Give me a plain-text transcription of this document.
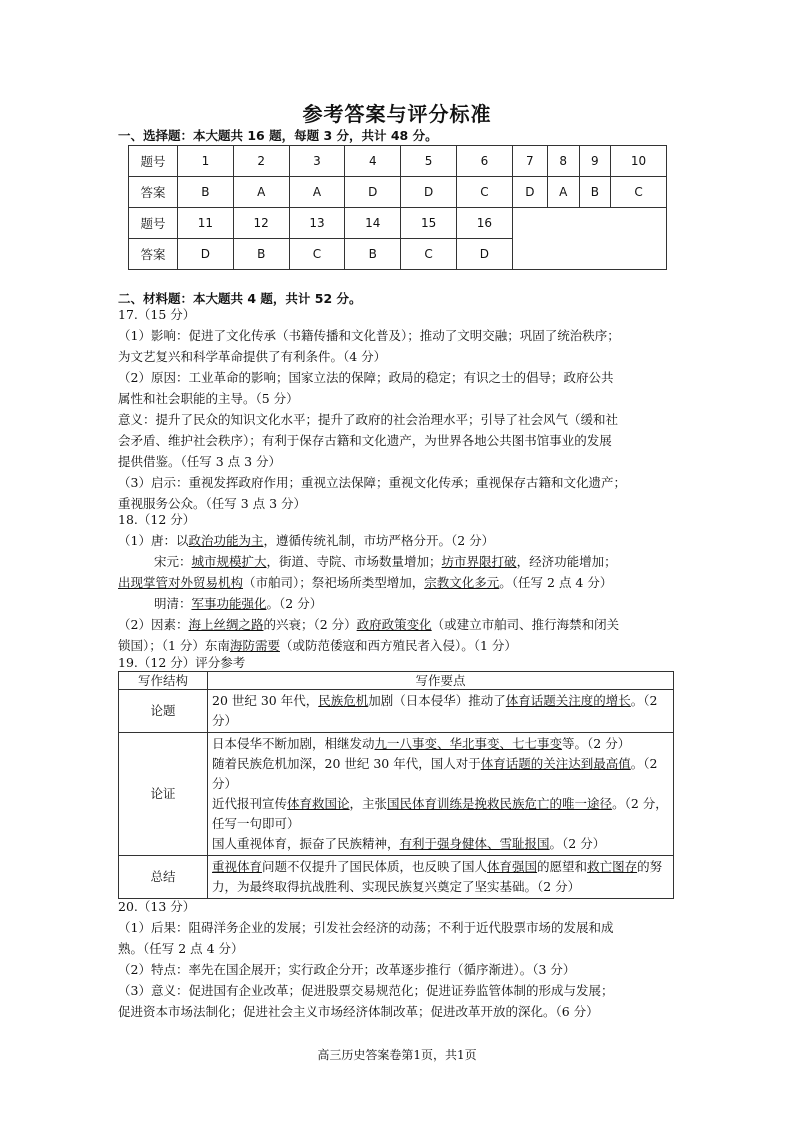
参考答案与评分标准
一、选择题：本大题共 16 题，每题 3 分，共计 48 分。
题号	1	2	3	4	5	6	7	8	9	10
答案	B	A	A	D	D	C	D	A	B	C
题号	11	12	13	14	15	16				
答案	D	B	C	B	C	D				
二、材料题：本大题共 4 题，共计 52 分。

17.（15 分）

（1）影响：促进了文化传承（书籍传播和文化普及）；推动了文明交融；巩固了统治秩序；

为文艺复兴和科学革命提供了有利条件。（4 分）

（2）原因：工业革命的影响；国家立法的保障；政局的稳定；有识之士的倡导；政府公共

属性和社会职能的主导。（5 分）

意义：提升了民众的知识文化水平；提升了政府的社会治理水平；引导了社会风气（缓和社

会矛盾、维护社会秩序）；有利于保存古籍和文化遗产，为世界各地公共图书馆事业的发展

提供借鉴。（任写 3 点 3 分）

（3）启示：重视发挥政府作用；重视立法保障；重视文化传承；重视保存古籍和文化遗产；

重视服务公众。（任写 3 点 3 分）

18.（12 分）

（1）唐：以政治功能为主，遵循传统礼制，市坊严格分开。（2 分）

宋元：城市规模扩大，街道、寺院、市场数量增加；坊市界限打破，经济功能增加；

出现掌管对外贸易机构（市舶司）；祭祀场所类型增加，宗教文化多元。（任写 2 点 4 分）

明清：军事功能强化。（2 分）

（2）因素：海上丝绸之路的兴衰；（2 分）政府政策变化（或建立市舶司、推行海禁和闭关

锁国）；（1 分）东南海防需要（或防范倭寇和西方殖民者入侵）。（1 分）

19.（12 分）评分参考
写作结构	写作要点
论题	20 世纪 30 年代，民族危机加剧（日本侵华）推动了体育话题关注度的增长。（2 分）
论证	日本侵华不断加剧，相继发动九一八事变、华北事变、七七事变等。（2 分）
随着民族危机加深，20 世纪 30 年代，国人对于体育话题的关注达到最高值。（2 分）
近代报刊宣传体育救国论，主张国民体育训练是挽救民族危亡的唯一途径。（2 分，任写一句即可）
国人重视体育，振奋了民族精神，有利于强身健体、雪耻报国。（2 分）

总结	重视体育问题不仅提升了国民体质，也反映了国人体育强国的愿望和救亡图存的努力，为最终取得抗战胜利、实现民族复兴奠定了坚实基础。（2 分）

20.（13 分）

（1）后果：阻碍洋务企业的发展；引发社会经济的动荡；不利于近代股票市场的发展和成

熟。（任写 2 点 4 分）

（2）特点：率先在国企展开；实行政企分开；改革逐步推行（循序渐进）。（3 分）

（3）意义：促进国有企业改革；促进股票交易规范化；促进证券监管体制的形成与发展；

促进资本市场法制化；促进社会主义市场经济体制改革；促进改革开放的深化。（6 分）

高三历史答案卷第1页，共1页
